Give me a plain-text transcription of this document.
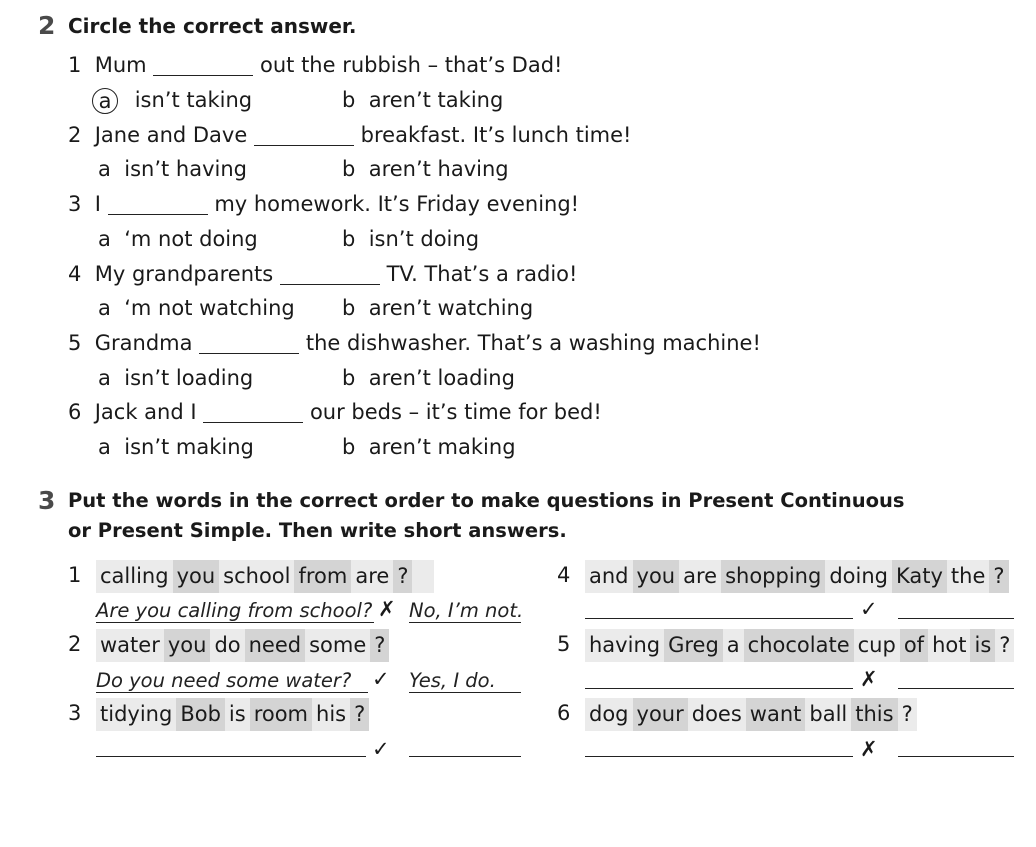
2 Circle the correct answer.
1 Mum	out the rubbish – that’s Dad!
a	isn’t taking	b aren’t taking
2 Jane and Dave	breakfast. It’s lunch time!
a isn’t having	b aren’t having
3 I	my homework. It’s Friday evening!
a ‘m not doing	b isn’t doing
4 My grandparents	TV. That’s a radio!
a ‘m not watching b aren’t watching
5 Grandma	the dishwasher. That’s a washing machine!
a isn’t loading	b aren’t loading
6 Jack and I	our beds – it’s time for bed!
a isn’t making	b aren’t making
3 Put the words in the correct order to make questions in Present Continuous
or Present Simple. Then write short answers.
1 calling you school from are ?
Are you calling from school? ✗ No, I’m not.
2 water you do need some ?
Do you need some water? ✓ Yes, I do.
3 tidying Bob is room his ?
✓
4 and you are shopping doing Katy the ?
✓
5 having Greg a chocolate cup of hot is ?
✗
6 dog your does want ball this ?
✗
